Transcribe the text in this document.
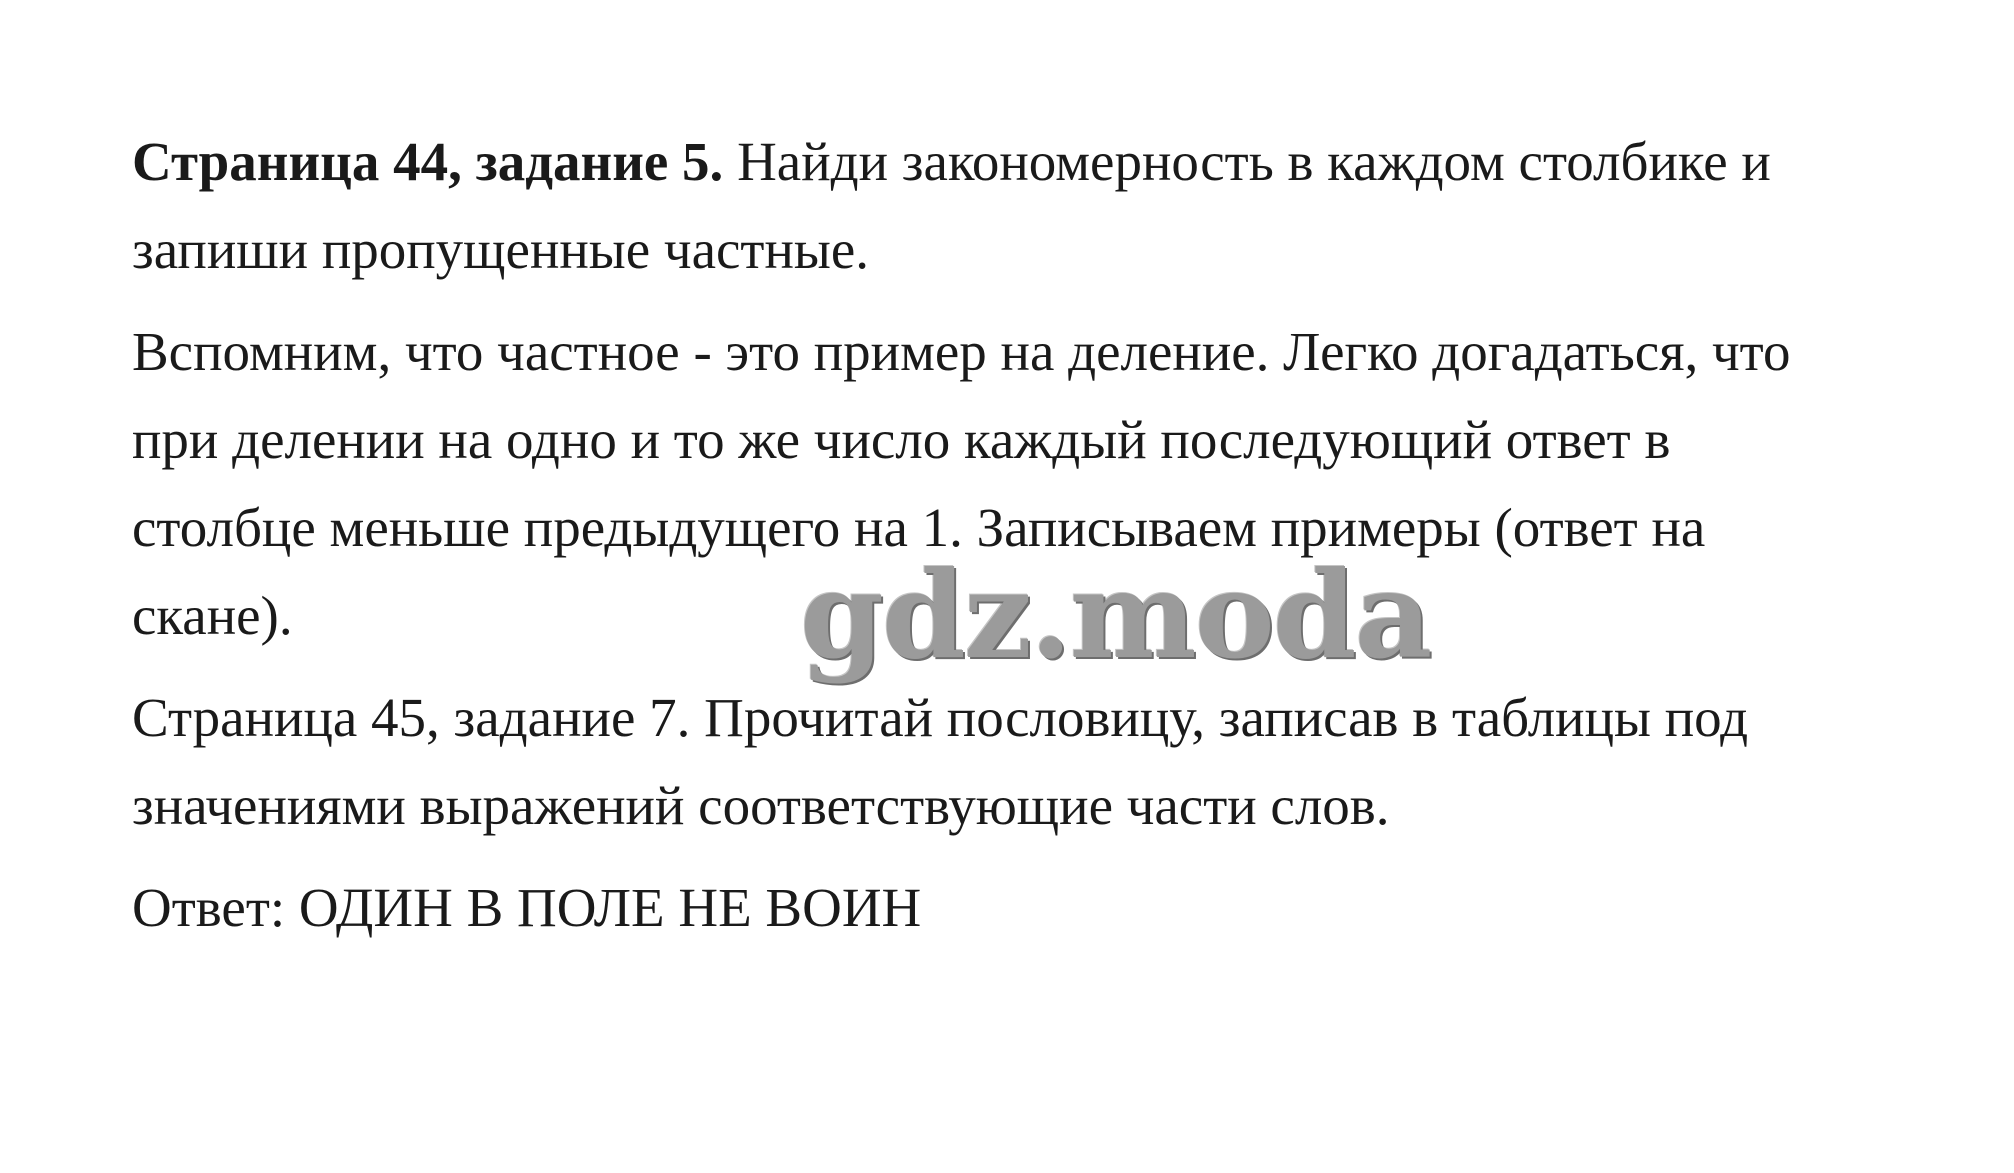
Страница 44, задание 5. Найди закономерность в каждом столбике и
запиши пропущенные частные.

Вспомним, что частное - это пример на деление. Легко догадаться, что
при делении на одно и то же число каждый последующий ответ в
столбце меньше предыдущего на 1. Записываем примеры (ответ на
скане).

Страница 45, задание 7. Прочитай пословицу, записав в таблицы под
значениями выражений соответствующие части слов.

Ответ: ОДИН В ПОЛЕ НЕ ВОИН

gdz.moda
